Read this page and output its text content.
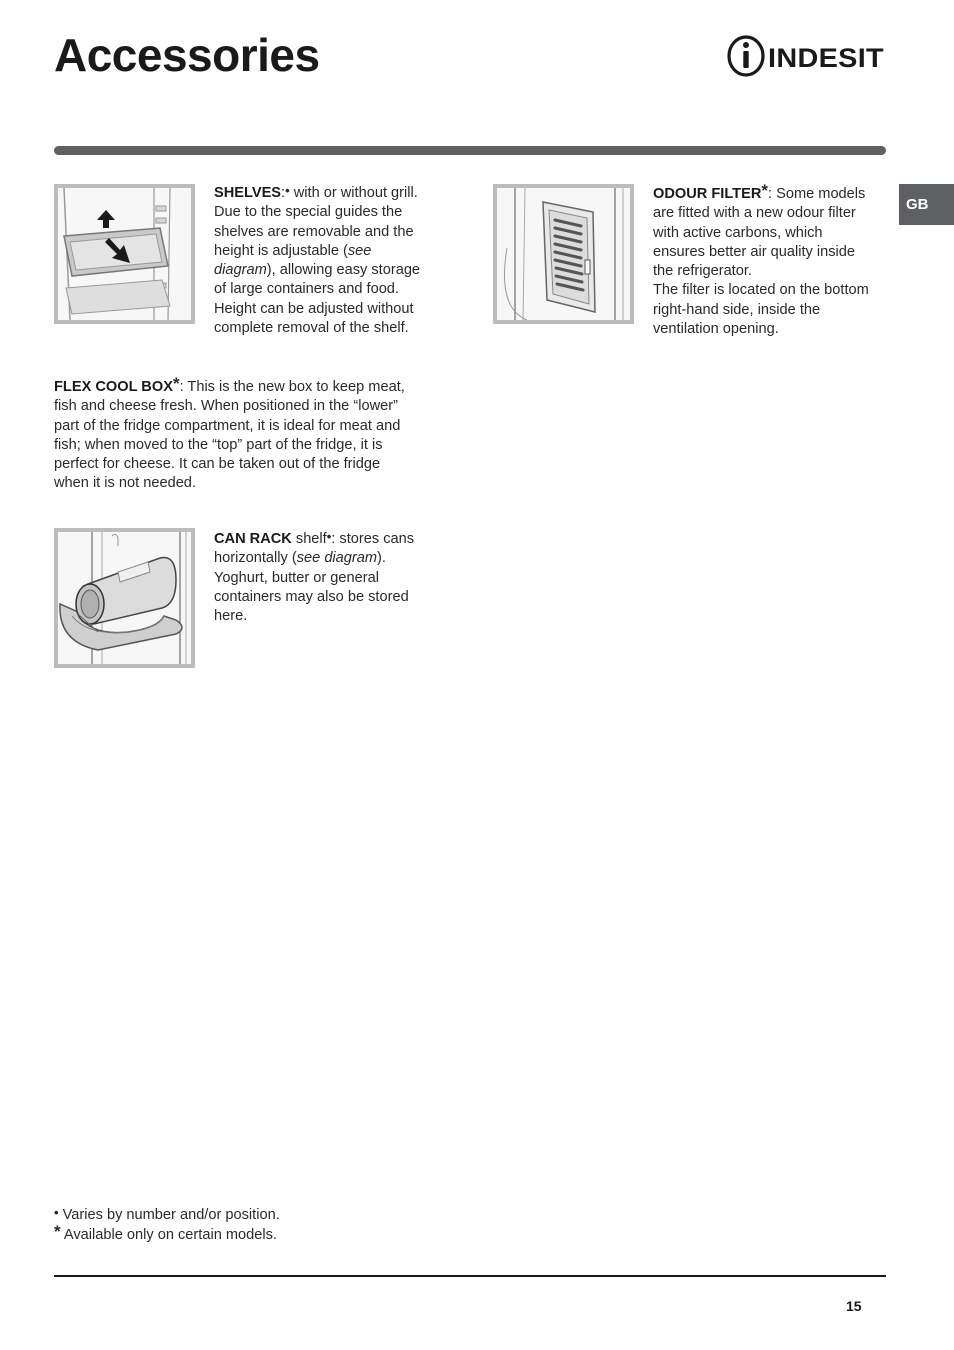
Accessories	INDESIT
GB

SHELVES:• with or without grill.
Due to the special guides the
shelves are removable and the
height is adjustable (see
diagram), allowing easy storage
of large containers and food.
Height can be adjusted without
complete removal of the shelf.

ODOUR FILTER*: Some models
are fitted with a new odour filter
with active carbons, which
ensures better air quality inside
the refrigerator.
The filter is located on the bottom
right-hand side, inside the
ventilation opening.

FLEX COOL BOX*: This is the new box to keep meat,
fish and cheese fresh. When positioned in the “lower”
part of the fridge compartment, it is ideal for meat and
fish; when moved to the “top” part of the fridge, it is
perfect for cheese. It can be taken out of the fridge
when it is not needed.

CAN RACK shelf•: stores cans
horizontally (see diagram).
Yoghurt, butter or general
containers may also be stored
here.

• Varies by number and/or position.
* Available only on certain models.
15
